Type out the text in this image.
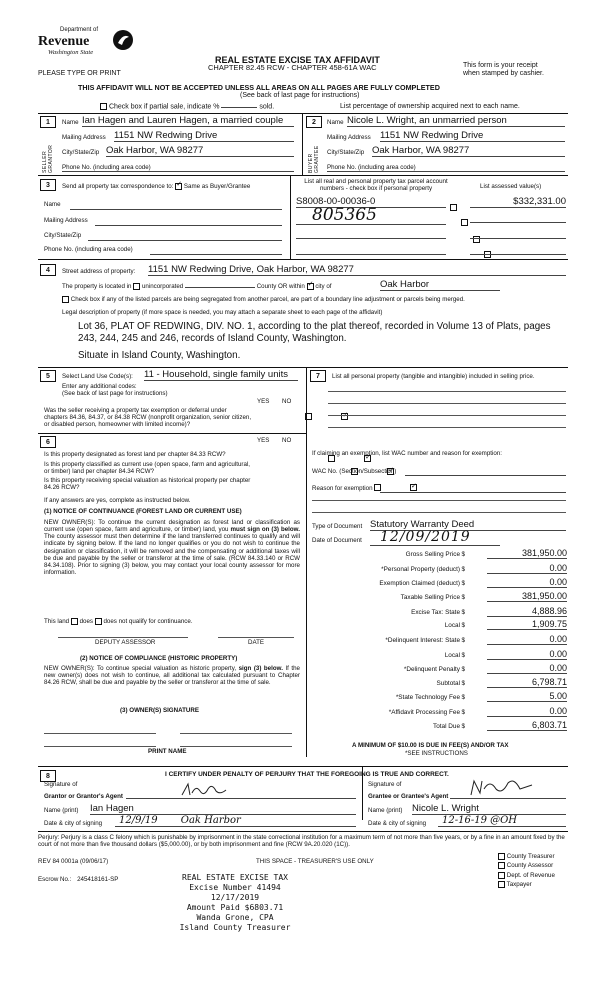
Department of
Revenue
Washington State
PLEASE TYPE OR PRINT
REAL ESTATE EXCISE TAX AFFIDAVIT
CHAPTER 82.45 RCW - CHAPTER 458-61A WAC	This form is your receipt
when stamped by cashier.
THIS AFFIDAVIT WILL NOT BE ACCEPTED UNLESS ALL AREAS ON ALL PAGES ARE FULLY COMPLETED
(See back of last page for instructions)
Check box if partial sale, indicate %	sold.	List percentage of ownership acquired next to each name.
1
SELLER GRANTOR
Name Ian Hagen and Lauren Hagen, a married couple
Mailing Address 1151 NW Redwing Drive
City/State/Zip Oak Harbor, WA 98277
Phone No. (including area code)
2
BUYER GRANTEE
Name Nicole L. Wright, an unmarried person
Mailing Address 1151 NW Redwing Drive
City/State/Zip Oak Harbor, WA 98277
Phone No. (including area code)
3	Send all property tax correspondence to: ✓ Same as Buyer/Grantee
Name
Mailing Address
City/State/Zip
Phone No. (including area code)
List all real and personal property tax parcel account numbers - check box if personal property	List assessed value(s)
S8008-00-00036-0
	$332,331.00
805365

4	Street address of property: 1151 NW Redwing Drive, Oak Harbor, WA 98277
The property is located in unincorporated	County OR within ✓ city of	Oak Harbor
Check box if any of the listed parcels are being segregated from another parcel, are part of a boundary line adjustment or parcels being merged.
Legal description of property (if more space is needed, you may attach a separate sheet to each page of the affidavit)
Lot 36, PLAT OF REDWING, DIV. NO. 1, according to the plat thereof, recorded in Volume 13 of Plats, pages
243, 244, 245 and 246, records of Island County, Washington.
Situate in Island County, Washington.
5	Select Land Use Code(s): 11 - Household, single family units
Enter any additional codes:
(See back of last page for instructions)
YES NO
Was the seller receiving a property tax exemption or deferral under chapters 84.36, 84.37, or 84.38 RCW (nonprofit organization, senior citizen, or disabled person, homeowner with limited income)?
✓
6	YES NO
Is this property designated as forest land per chapter 84.33 RCW?
✓
Is this property classified as current use (open space, farm and agricultural, or timber) land per chapter 84.34 RCW?
✓
Is this property receiving special valuation as historical property per chapter 84.26 RCW?
✓
If any answers are yes, complete as instructed below.
(1) NOTICE OF CONTINUANCE (FOREST LAND OR CURRENT USE)
NEW OWNER(S): To continue the current designation as forest land or classification as current use (open space, farm and agriculture, or timber) land, you must sign on (3) below. The county assessor must then determine if the land transferred continues to qualify and will indicate by signing below. If the land no longer qualifies or you do not wish to continue the designation or classification, it will be removed and the compensating or additional taxes will be due and payable by the seller or transferor at the time of sale. (RCW 84.33.140 or RCW 84.34.108). Prior to signing (3) below, you may contact your local county assessor for more information.
This land does does not qualify for continuance.
DEPUTY ASSESSOR	DATE
(2) NOTICE OF COMPLIANCE (HISTORIC PROPERTY)
NEW OWNER(S): To continue special valuation as historic property, sign (3) below. If the new owner(s) does not wish to continue, all additional tax calculated pursuant to Chapter 84.26 RCW, shall be due and payable by the seller or transferor at the time of sale.
(3) OWNER(S) SIGNATURE
PRINT NAME
7	List all personal property (tangible and intangible) included in selling price.
If claiming an exemption, list WAC number and reason for exemption:
WAC No. (Section/Subsection)
Reason for exemption
Type of Document Statutory Warranty Deed
Date of Document	12/09/2019
Gross Selling Price $	381,950.00
*Personal Property (deduct) $	0.00
Exemption Claimed (deduct) $	0.00
Taxable Selling Price $	381,950.00
Excise Tax: State $	4,888.96
Local $	1,909.75
*Delinquent Interest: State $	0.00
Local $	0.00
*Delinquent Penalty $	0.00
Subtotal $	6,798.71
*State Technology Fee $	5.00
*Affidavit Processing Fee $	0.00
Total Due $	6,803.71
A MINIMUM OF $10.00 IS DUE IN FEE(S) AND/OR TAX
*SEE INSTRUCTIONS
8	I CERTIFY UNDER PENALTY OF PERJURY THAT THE FOREGOING IS TRUE AND CORRECT.
Signature of
Grantor or Grantor's Agent
Name (print) Ian Hagen
Date & city of signing	12/9/19 Oak Harbor
Signature of
Grantee or Grantee's Agent
Name (print) Nicole L. Wright
Date & city of signing	12-16-19 @OH
Perjury: Perjury is a class C felony which is punishable by imprisonment in the state correctional institution for a maximum term of not more than five years, or by a fine in an amount fixed by the court of not more than five thousand dollars ($5,000.00), or by both imprisonment and fine (RCW 9A.20.020 (1C)).
REV 84 0001a (09/06/17)	THIS SPACE - TREASURER'S USE ONLY
County Treasurer
County Assessor
Dept. of Revenue
Taxpayer
Escrow No.: 245418161-SP	REAL ESTATE EXCISE TAX
Excise Number 41494
12/17/2019
Amount Paid $6803.71
Wanda Grone, CPA
Island County Treasurer
